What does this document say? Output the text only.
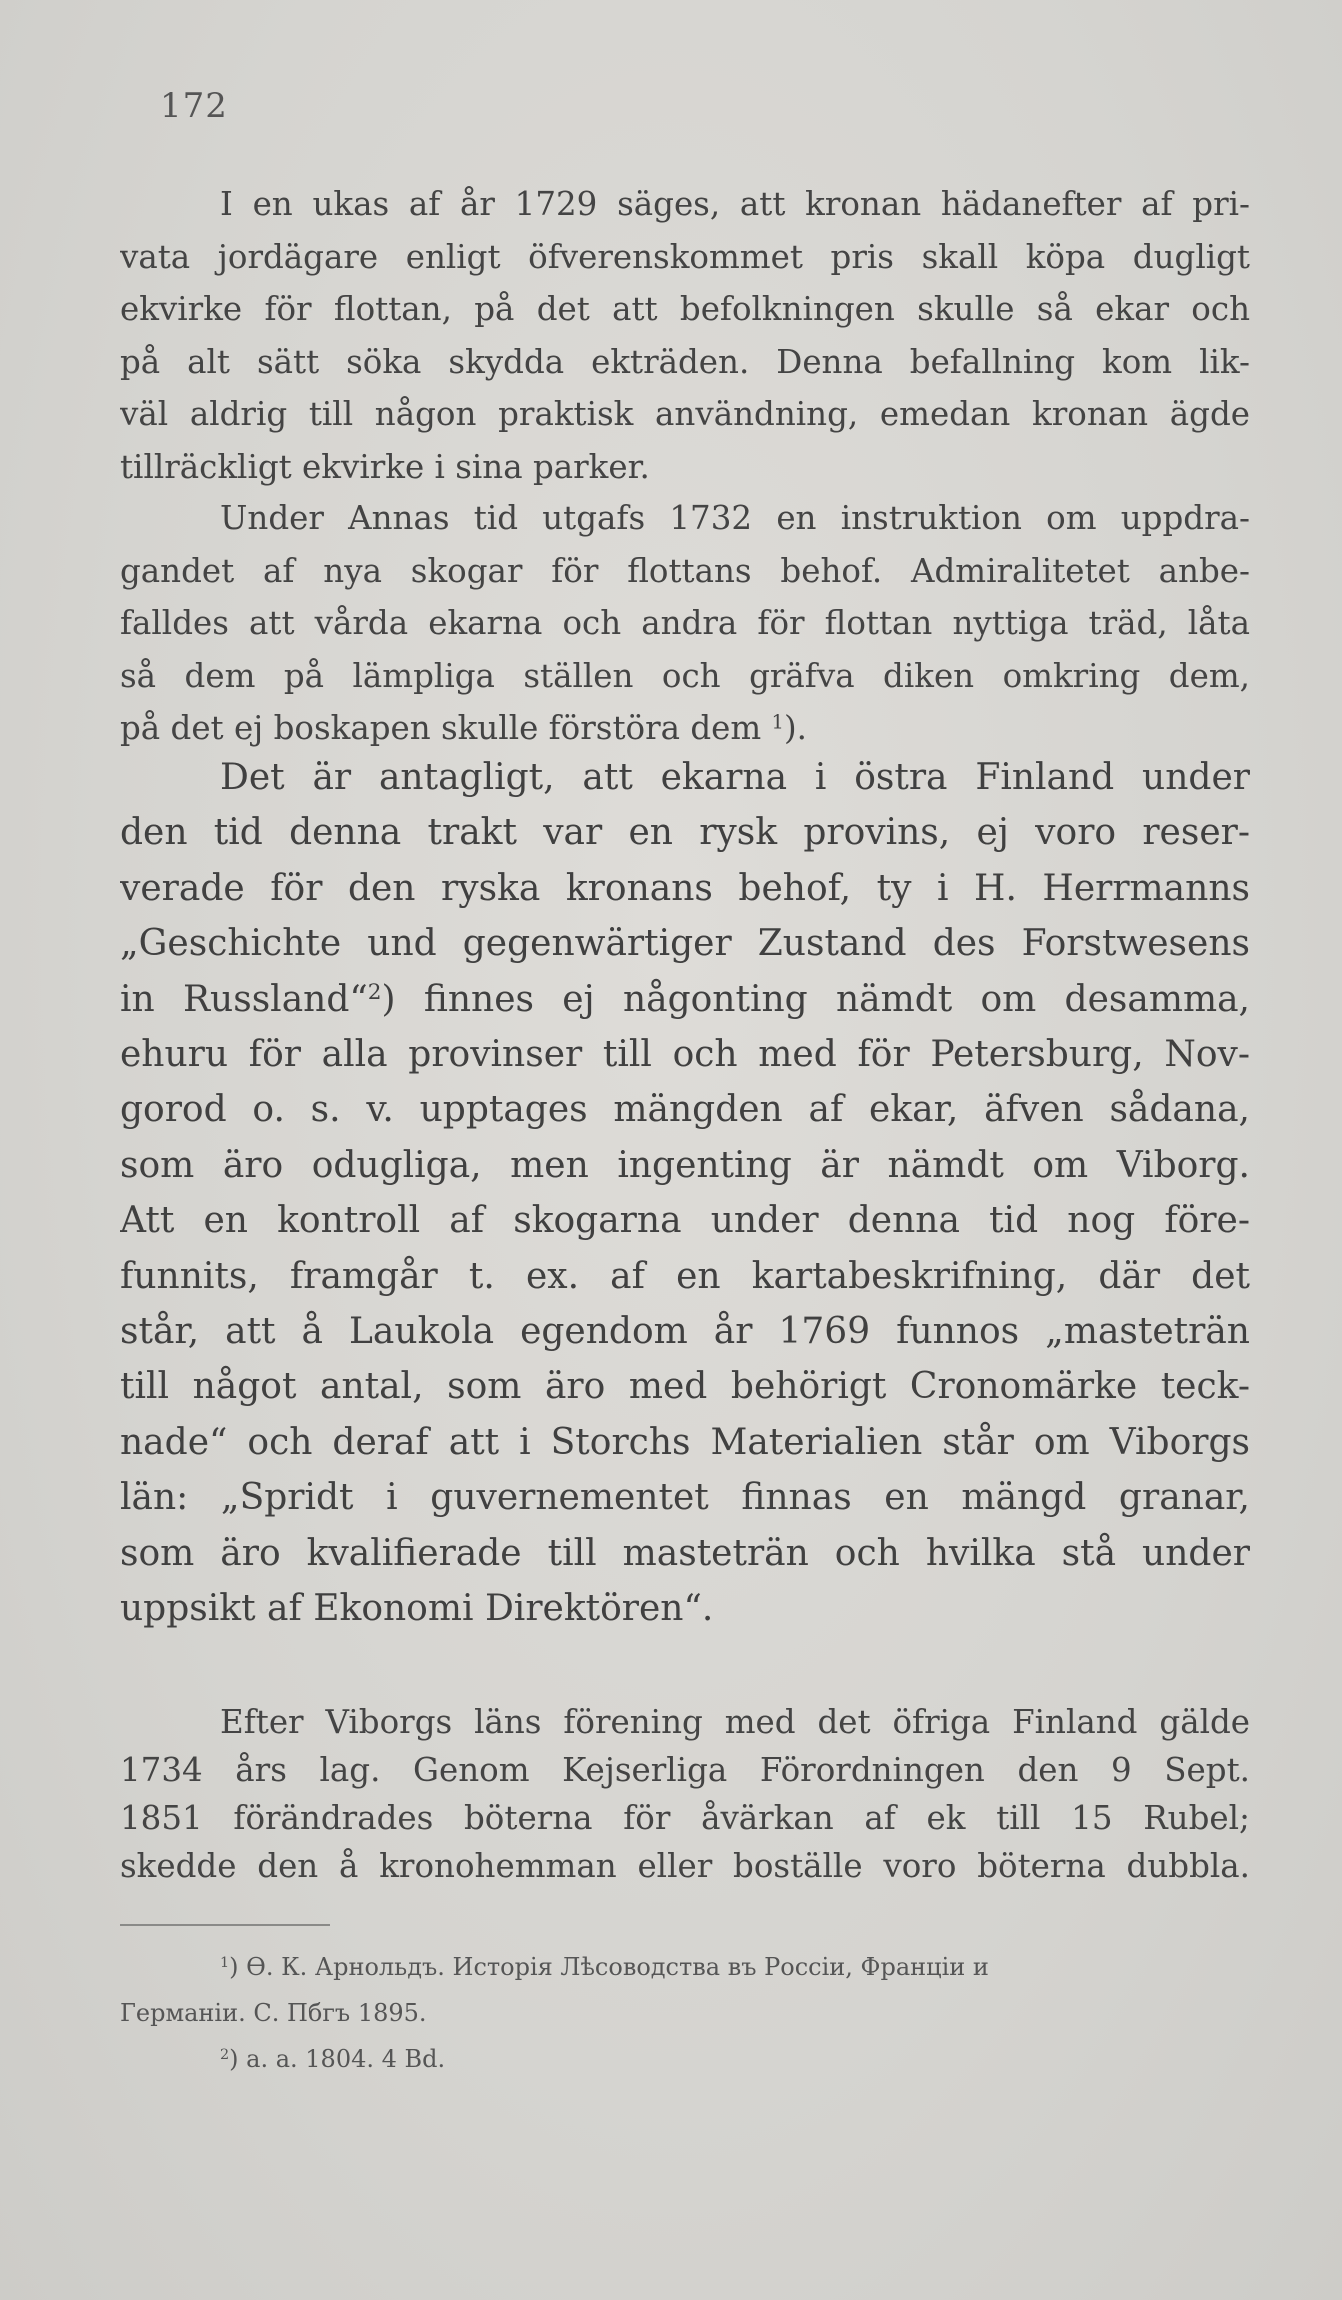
172
I en ukas af år 1729 säges, att kronan hädanefter af pri-
vata jordägare enligt öfverenskommet pris skall köpa dugligt
ekvirke för flottan, på det att befolkningen skulle så ekar och
på alt sätt söka skydda ekträden. Denna befallning kom lik-
väl aldrig till någon praktisk användning, emedan kronan ägde
tillräckligt ekvirke i sina parker.
Under Annas tid utgafs 1732 en instruktion om uppdra-
gandet af nya skogar för flottans behof. Admiralitetet anbe-
falldes att vårda ekarna och andra för flottan nyttiga träd, låta
så dem på lämpliga ställen och gräfva diken omkring dem,
på det ej boskapen skulle förstöra dem $^1$).
Det är antagligt, att ekarna i östra Finland under
den tid denna trakt var en rysk provins, ej voro reser-
verade för den ryska kronans behof, ty i H. Herrmanns
„Geschichte und gegenwärtiger Zustand des Forstwesens
in Russland“$^2$) finnes ej någonting nämdt om desamma,
ehuru för alla provinser till och med för Petersburg, Nov-
gorod o. s. v. upptages mängden af ekar, äfven sådana,
som äro odugliga, men ingenting är nämdt om Viborg.
Att en kontroll af skogarna under denna tid nog före-
funnits, framgår t. ex. af en kartabeskrifning, där det
står, att å Laukola egendom år 1769 funnos „masteträn
till något antal, som äro med behörigt Cronomärke teck-
nade“ och deraf att i Storchs Materialien står om Viborgs
län: „Spridt i guvernementet finnas en mängd granar,
som äro kvalifierade till masteträn och hvilka stå under
uppsikt af Ekonomi Direktören“.
Efter Viborgs läns förening med det öfriga Finland gälde
1734 års lag. Genom Kejserliga Förordningen den 9 Sept.
1851 förändrades böterna för åvärkan af ek till 15 Rubel;
skedde den å kronohemman eller boställe voro böterna dubbla.
$^1$) Ө. К. Арнольдъ. Исторія Лѣсоводства въ Россіи, Франціи и
Германіи. С. Пбгъ 1895.
$^2$) a. a. 1804. 4 Bd.
